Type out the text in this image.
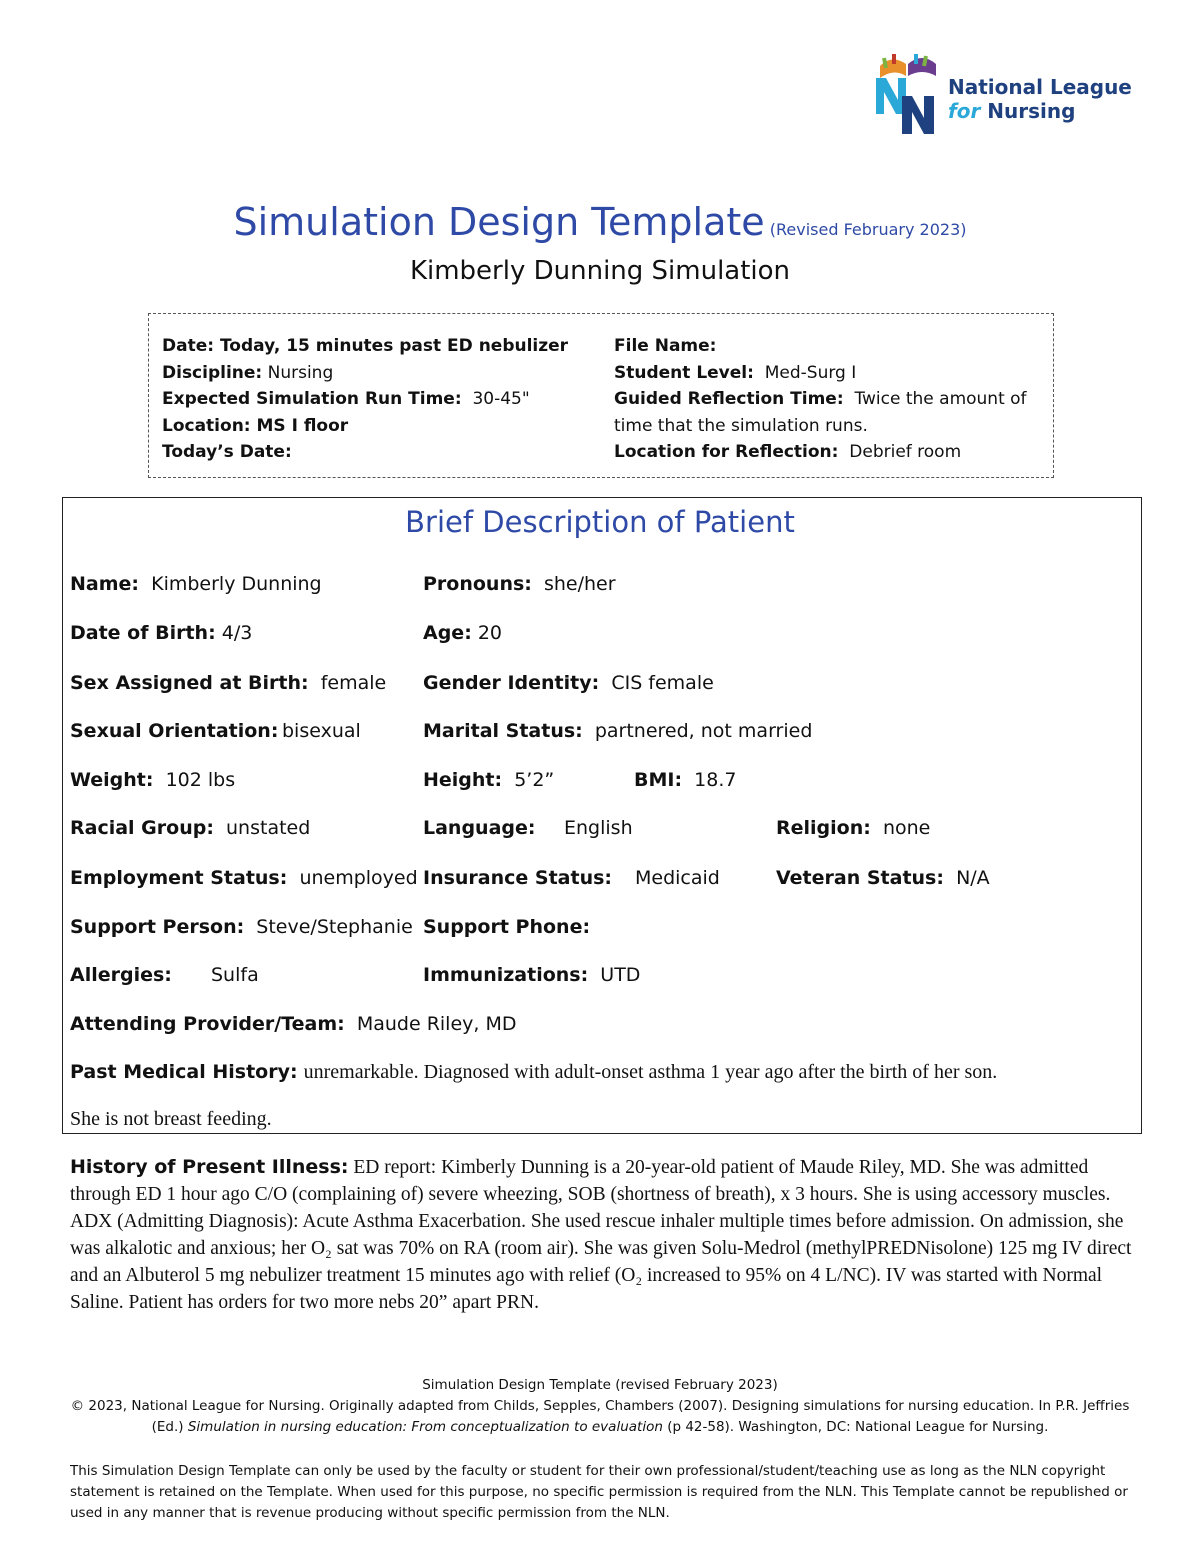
National League
for Nursing
Simulation Design Template (Revised February 2023)
Kimberly Dunning Simulation
Date: Today, 15 minutes past ED nebulizer
Discipline: Nursing
Expected Simulation Run Time: 30-45"
Location: MS I floor
Today’s Date:
File Name:
Student Level: Med-Surg I
Guided Reflection Time: Twice the amount of
time that the simulation runs.
Location for Reflection: Debrief room
Brief Description of Patient
Name: Kimberly Dunning	Pronouns: she/her
Date of Birth: 4/3	Age: 20
Sex Assigned at Birth: female Gender Identity: CIS female
Sexual Orientation: bisexual	Marital Status: partnered, not married
Weight: 102 lbs	Height: 5’2”	BMI: 18.7
Racial Group: unstated	Language: English	Religion: none
Employment Status: unemployed Insurance Status: Medicaid	Veteran Status: N/A
Support Person: Steve/Stephanie Support Phone:
Allergies: Sulfa	Immunizations: UTD
Attending Provider/Team: Maude Riley, MD
Past Medical History: unremarkable. Diagnosed with adult-onset asthma 1 year ago after the birth of her son.
She is not breast feeding.
History of Present Illness: ED report: Kimberly Dunning is a 20-year-old patient of Maude Riley, MD. She was admitted through ED 1 hour ago C/O (complaining of) severe wheezing, SOB (shortness of breath), x 3 hours. She is using accessory muscles. ADX (Admitting Diagnosis): Acute Asthma Exacerbation. She used rescue inhaler multiple times before admission. On admission, she was alkalotic and anxious; her O₂ sat was 70% on RA (room air). She was given Solu-Medrol (methylPREDNisolone) 125 mg IV direct and an Albuterol 5 mg nebulizer treatment 15 minutes ago with relief (O₂ increased to 95% on 4 L/NC). IV was started with Normal Saline. Patient has orders for two more nebs 20” apart PRN.
Simulation Design Template (revised February 2023)
© 2023, National League for Nursing. Originally adapted from Childs, Sepples, Chambers (2007). Designing simulations for nursing education. In P.R. Jeffries (Ed.) Simulation in nursing education: From conceptualization to evaluation (p 42-58). Washington, DC: National League for Nursing.
This Simulation Design Template can only be used by the faculty or student for their own professional/student/teaching use as long as the NLN copyright statement is retained on the Template. When used for this purpose, no specific permission is required from the NLN. This Template cannot be republished or used in any manner that is revenue producing without specific permission from the NLN.
